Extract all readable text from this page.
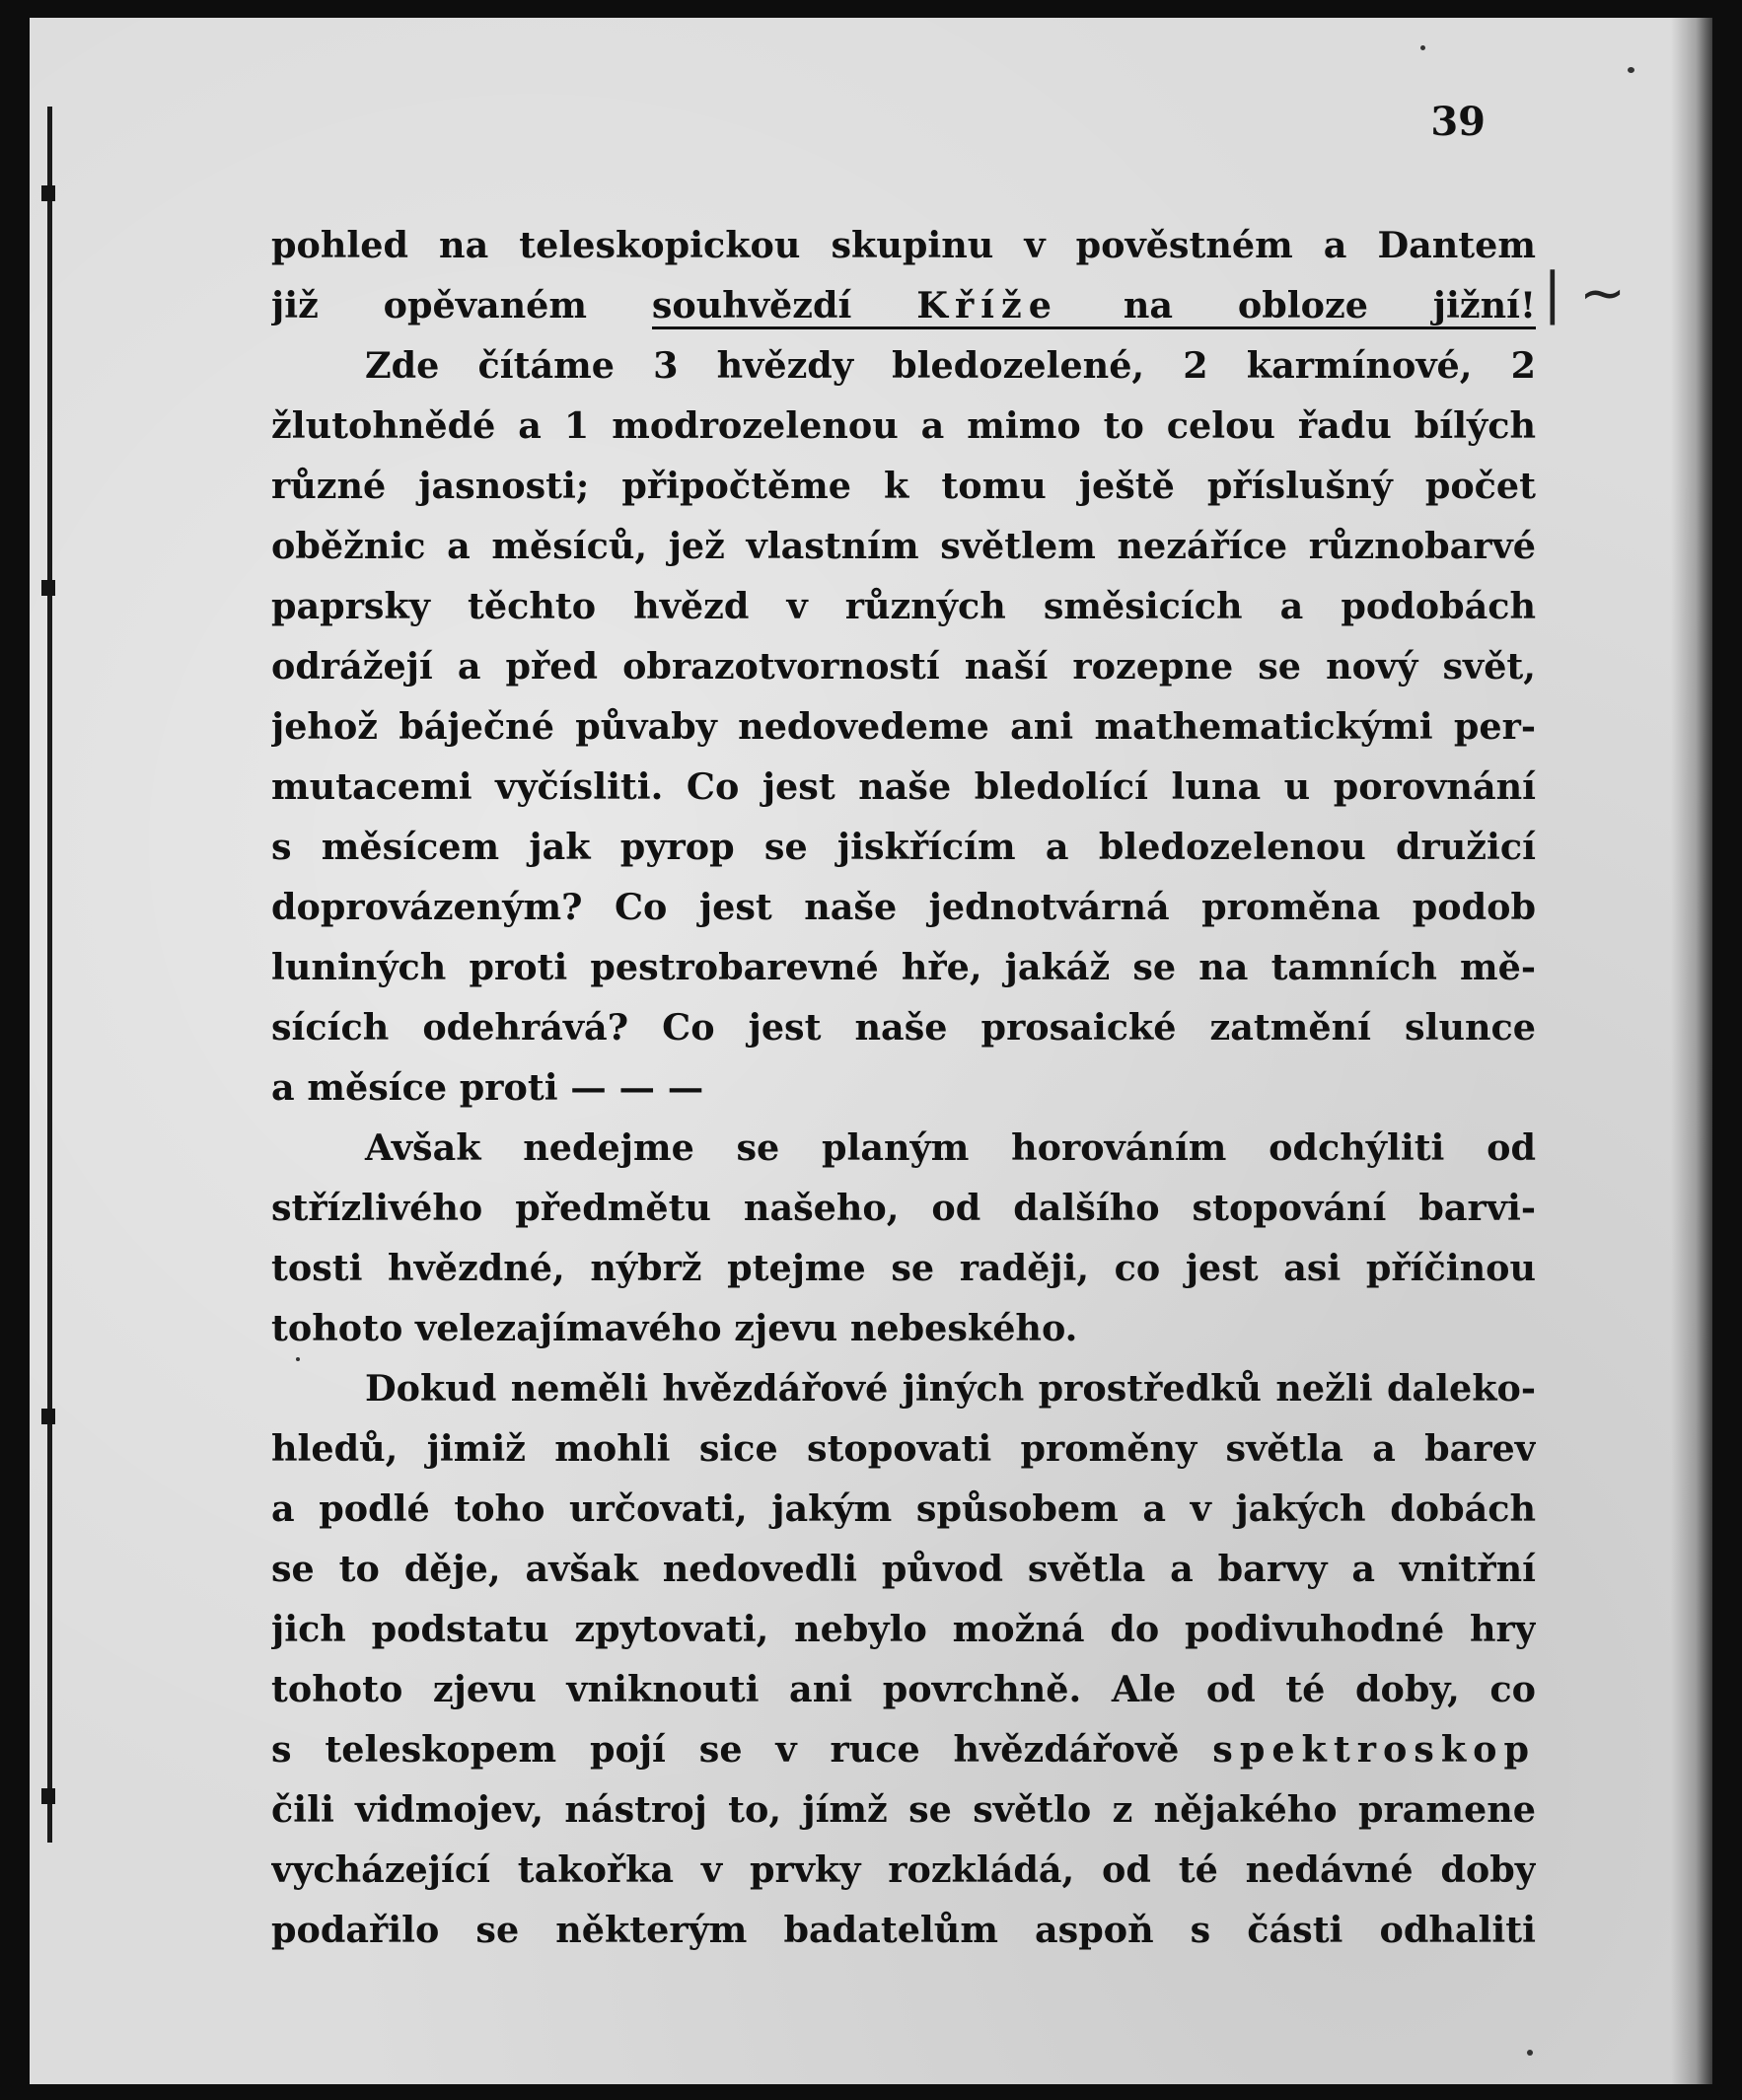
39
| ~
pohled na teleskopickou skupinu v pověstném a Dantem
již opěvaném souhvězdí Kříže na obloze jižní!
Zde čítáme 3 hvězdy bledozelené, 2 karmínové, 2
žlutohnědé a 1 modrozelenou a mimo to celou řadu bílých
různé jasnosti; připočtěme k tomu ještě příslušný počet
oběžnic a měsíců, jež vlastním světlem nezáříce různobarvé
paprsky těchto hvězd v různých směsicích a podobách
odrážejí a před obrazotvorností naší rozepne se nový svět,
jehož báječné půvaby nedovedeme ani mathematickými per-
mutacemi vyčísliti. Co jest naše bledolící luna u porovnání
s měsícem jak pyrop se jiskřícím a bledozelenou družicí
doprovázeným? Co jest naše jednotvárná proměna podob
luniných proti pestrobarevné hře, jakáž se na tamních mě-
sících odehrává? Co jest naše prosaické zatmění slunce
a měsíce proti — — —
Avšak nedejme se planým horováním odchýliti od
střízlivého předmětu našeho, od dalšího stopování barvi-
tosti hvězdné, nýbrž ptejme se raději, co jest asi příčinou
tohoto velezajímavého zjevu nebeského.
Dokud neměli hvězdářové jiných prostředků nežli daleko-
hledů, jimiž mohli sice stopovati proměny světla a barev
a podlé toho určovati, jakým spůsobem a v jakých dobách
se to děje, avšak nedovedli původ světla a barvy a vnitřní
jich podstatu zpytovati, nebylo možná do podivuhodné hry
tohoto zjevu vniknouti ani povrchně. Ale od té doby, co
s teleskopem pojí se v ruce hvězdářově spektroskop
čili vidmojev, nástroj to, jímž se světlo z nějakého pramene
vycházející takořka v prvky rozkládá, od té nedávné doby
podařilo se některým badatelům aspoň s části odhaliti
